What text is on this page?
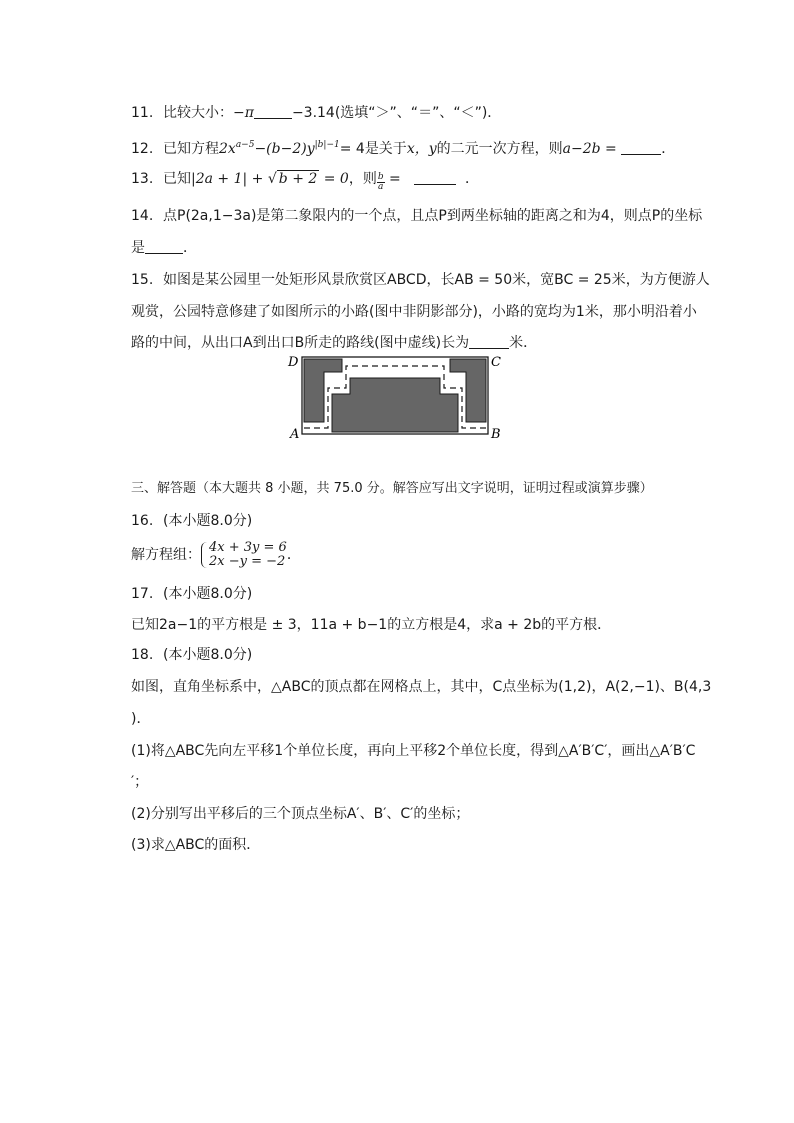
11. 比较大小：−π	−3.14(选填“＞”、“＝”、“＜”)．
12. 已知方程$2x^{a-5}-(b-2)y^{|b|-1}= 4$是关于x，y的二元一次方程，则a−2b =	．
13. 已知|2a + 1| + √ b + 2 = 0，则 $\frac{b}{a}$ =	．
14. 点P(2a,1−3a)是第二象限内的一个点，且点P到两坐标轴的距离之和为4，则点P的坐标
是	．
15. 如图是某公园里一处矩形风景欣赏区ABCD，长AB = 50米，宽BC = 25米，为方便游人
观赏，公园特意修建了如图所示的小路(图中非阴影部分)，小路的宽均为1米，那小明沿着小
路的中间，从出口A到出口B所走的路线(图中虚线)长为	米．
D	C
A	B
三、解答题（本大题共 8 小题，共 75.0 分。解答应写出文字说明，证明过程或演算步骤）
16. (本小题8.0分)
解方程组： 4x + 3y = 6
2x −y = −2 ．
17. (本小题8.0分)
已知2a−1的平方根是 ± 3，11a + b−1的立方根是4，求a + 2b的平方根．
18. (本小题8.0分)
如图，直角坐标系中，△ABC的顶点都在网格点上，其中，C点坐标为(1,2)，A(2,−1)、B(4,3
)．
(1)将△ABC先向左平移1个单位长度，再向上平移2个单位长度，得到△A′B′C′，画出△A′B′C
′；
(2)分别写出平移后的三个顶点坐标A′、B′、C′的坐标；
(3)求△ABC的面积．
